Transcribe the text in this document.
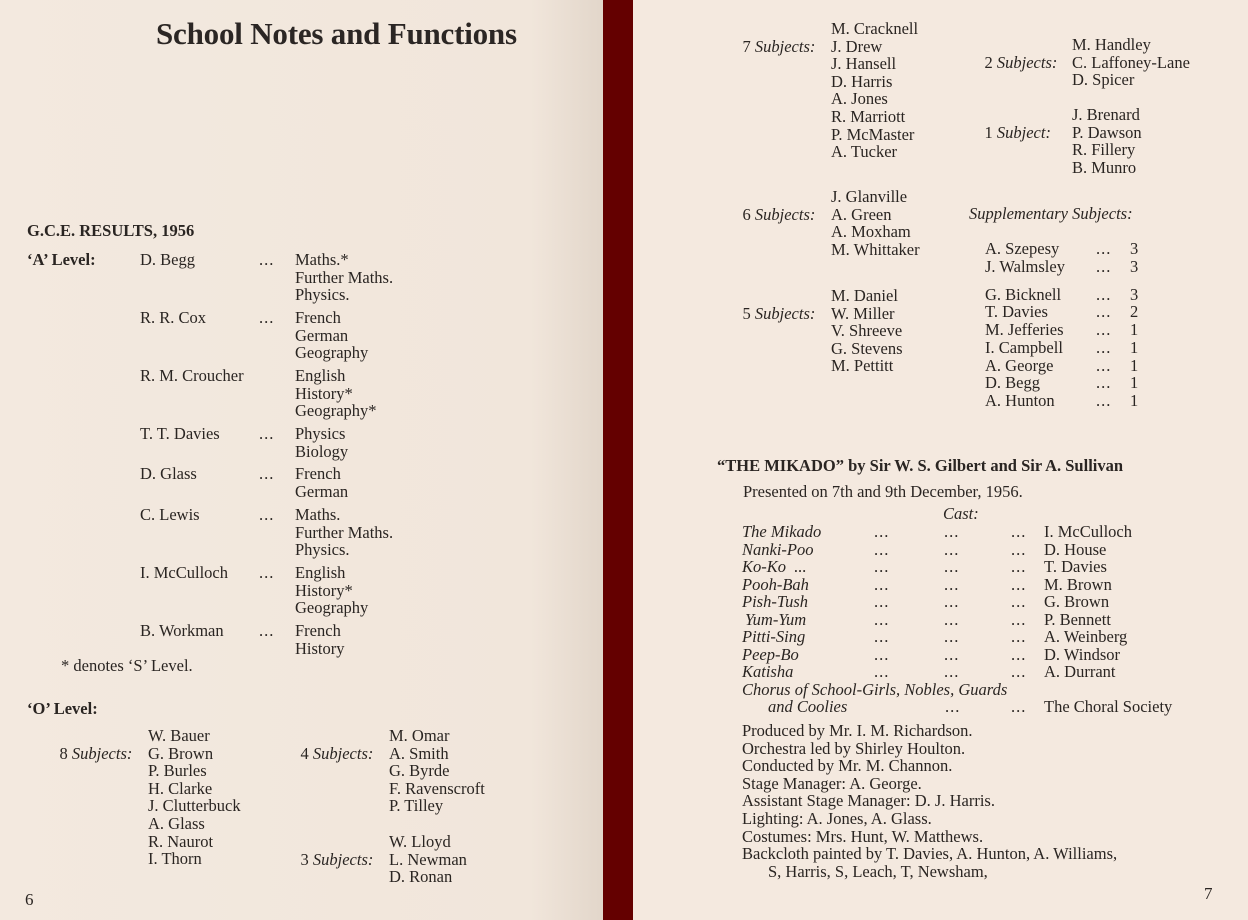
School Notes and Functions
G.C.E. RESULTS, 1956
‘A’ Level:	D. Begg	... Maths.*
Further Maths.
Physics.
R. R. Cox	... French
German
Geography
R. M. Croucher	English
History*
Geography*
T. T. Davies ... Physics
Biology
D. Glass	... French
German
C. Lewis	... Maths.
Further Maths.
Physics.
I. McCulloch ... English
History*
Geography
B. Workman ... French
History
* denotes ‘S’ Level.
‘O’ Level:

8 Subjects:

W. Bauer
G. Brown
P. Burles
H. Clarke
J. Clutterbuck
A. Glass
R. Naurot
I. Thorn

4 Subjects:

M. Omar
A. Smith
G. Byrde
F. Ravenscroft
P. Tilley

3 Subjects:

W. Lloyd
L. Newman
D. Ronan
6

7 Subjects:

M. Cracknell
J. Drew
J. Hansell
D. Harris
A. Jones
R. Marriott
P. McMaster
A. Tucker

2 Subjects:

M. Handley
C. Laffoney-Lane
D. Spicer

1 Subject:

J. Brenard
P. Dawson
R. Fillery
B. Munro

6 Subjects:

J. Glanville
A. Green
A. Moxham
M. Whittaker

5 Subjects:

M. Daniel
W. Miller
V. Shreeve
G. Stevens
M. Pettitt
Supplementary Subjects:
A. Szepesy ... 3
J. Walmsley ... 3
G. Bicknell ... 3
T. Davies	... 2
M. Jefferies ... 1
I. Campbell ... 1
A. George	... 1
D. Begg	... 1
A. Hunton	... 1
“THE MIKADO” by Sir W. S. Gilbert and Sir A. Sullivan
Presented on 7th and 9th December, 1956.
Cast:
The Mikado	...	...	... I. McCulloch
Nanki-Poo	...	...	... D. House
Ko-Ko  ...	...	...	... T. Davies
Pooh-Bah	...	...	... M. Brown
Pish-Tush	...	...	... G. Brown
Yum-Yum	...	...	... P. Bennett
Pitti-Sing	...	...	... A. Weinberg
Peep-Bo	...	...	... D. Windsor
Katisha	...	...	... A. Durrant
Chorus of School-Girls, Nobles, Guards
and Coolies	...	... The Choral Society
Produced by Mr. I. M. Richardson.
Orchestra led by Shirley Houlton.
Conducted by Mr. M. Channon.
Stage Manager: A. George.
Assistant Stage Manager: D. J. Harris.
Lighting: A. Jones, A. Glass.
Costumes: Mrs. Hunt, W. Matthews.
Backcloth painted by T. Davies, A. Hunton, A. Williams,
S, Harris, S, Leach, T, Newsham,
7
